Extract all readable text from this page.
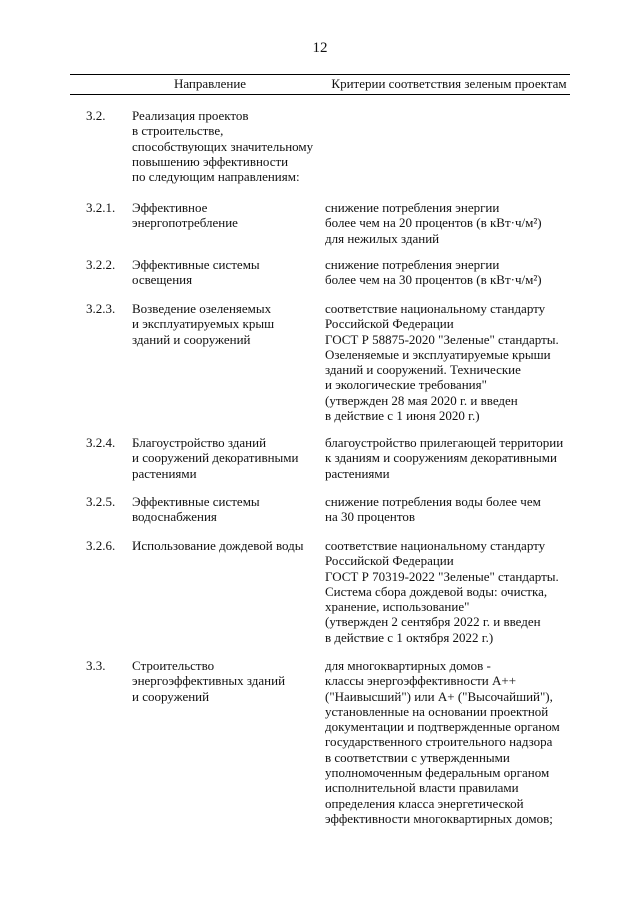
12
Направление	Критерии соответствия зеленым проектам
3.2. Реализация проектов
в строительстве,
способствующих значительному
повышению эффективности
по следующим направлениям:
3.2.1. Эффективное
энергопотребление
снижение потребления энергии
более чем на 20 процентов (в кВт·ч/м²)
для нежилых зданий
3.2.2. Эффективные системы
освещения
снижение потребления энергии
более чем на 30 процентов (в кВт·ч/м²)
3.2.3. Возведение озеленяемых
и эксплуатируемых крыш
зданий и сооружений
соответствие национальному стандарту
Российской Федерации
ГОСТ Р 58875-2020 "Зеленые" стандарты.
Озеленяемые и эксплуатируемые крыши
зданий и сооружений. Технические
и экологические требования"
(утвержден 28 мая 2020 г. и введен
в действие с 1 июня 2020 г.)
3.2.4. Благоустройство зданий
и сооружений декоративными
растениями
благоустройство прилегающей территории
к зданиям и сооружениям декоративными
растениями
3.2.5. Эффективные системы
водоснабжения
снижение потребления воды более чем
на 30 процентов
3.2.6. Использование дождевой воды	соответствие национальному стандарту
Российской Федерации
ГОСТ Р 70319-2022 "Зеленые" стандарты.
Система сбора дождевой воды: очистка,
хранение, использование"
(утвержден 2 сентября 2022 г. и введен
в действие с 1 октября 2022 г.)
3.3. Строительство
энергоэффективных зданий
и сооружений
для многоквартирных домов -
классы энергоэффективности А++
("Наивысший") или А+ ("Высочайший"),
установленные на основании проектной
документации и подтвержденные органом
государственного строительного надзора
в соответствии с утвержденными
уполномоченным федеральным органом
исполнительной власти правилами
определения класса энергетической
эффективности многоквартирных домов;
